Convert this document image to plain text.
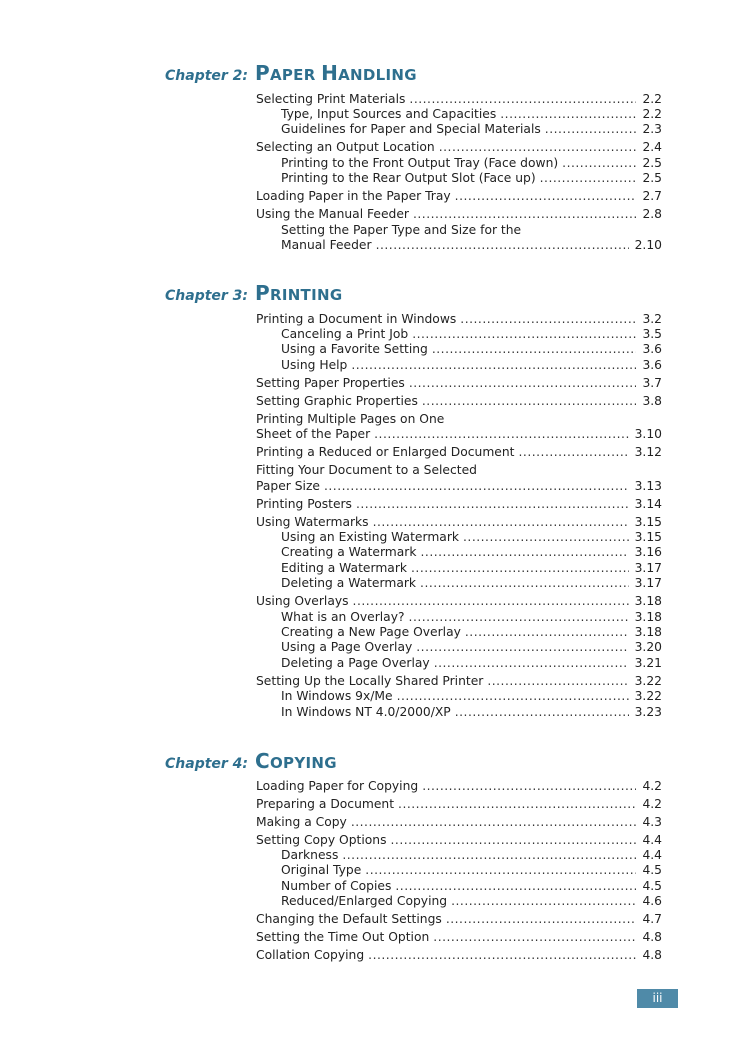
Chapter 2: PAPER HANDLING
Selecting Print Materials .....	2.2
Type, Input Sources and Capacities .....	2.2
Guidelines for Paper and Special Materials .....	2.3
Selecting an Output Location .....	2.4
Printing to the Front Output Tray (Face down) .....	2.5
Printing to the Rear Output Slot (Face up) .....	2.5
Loading Paper in the Paper Tray .....	2.7
Using the Manual Feeder .....	2.8
Setting the Paper Type and Size for the
Manual Feeder .....	2.10
Chapter 3: PRINTING
Printing a Document in Windows .....	3.2
Canceling a Print Job .....	3.5
Using a Favorite Setting .....	3.6
Using Help .....	3.6
Setting Paper Properties .....	3.7
Setting Graphic Properties .....	3.8
Printing Multiple Pages on One
Sheet of the Paper .....	3.10
Printing a Reduced or Enlarged Document .....	3.12
Fitting Your Document to a Selected
Paper Size .....	3.13
Printing Posters .....	3.14
Using Watermarks .....	3.15
Using an Existing Watermark .....	3.15
Creating a Watermark .....	3.16
Editing a Watermark .....	3.17
Deleting a Watermark .....	3.17
Using Overlays .....	3.18
What is an Overlay? .....	3.18
Creating a New Page Overlay .....	3.18
Using a Page Overlay .....	3.20
Deleting a Page Overlay .....	3.21
Setting Up the Locally Shared Printer .....	3.22
In Windows 9x/Me .....	3.22
In Windows NT 4.0/2000/XP .....	3.23
Chapter 4: COPYING
Loading Paper for Copying .....	4.2
Preparing a Document .....	4.2
Making a Copy .....	4.3
Setting Copy Options .....	4.4
Darkness .....	4.4
Original Type .....	4.5
Number of Copies .....	4.5
Reduced/Enlarged Copying .....	4.6
Changing the Default Settings .....	4.7
Setting the Time Out Option .....	4.8
Collation Copying .....	4.8
iii
